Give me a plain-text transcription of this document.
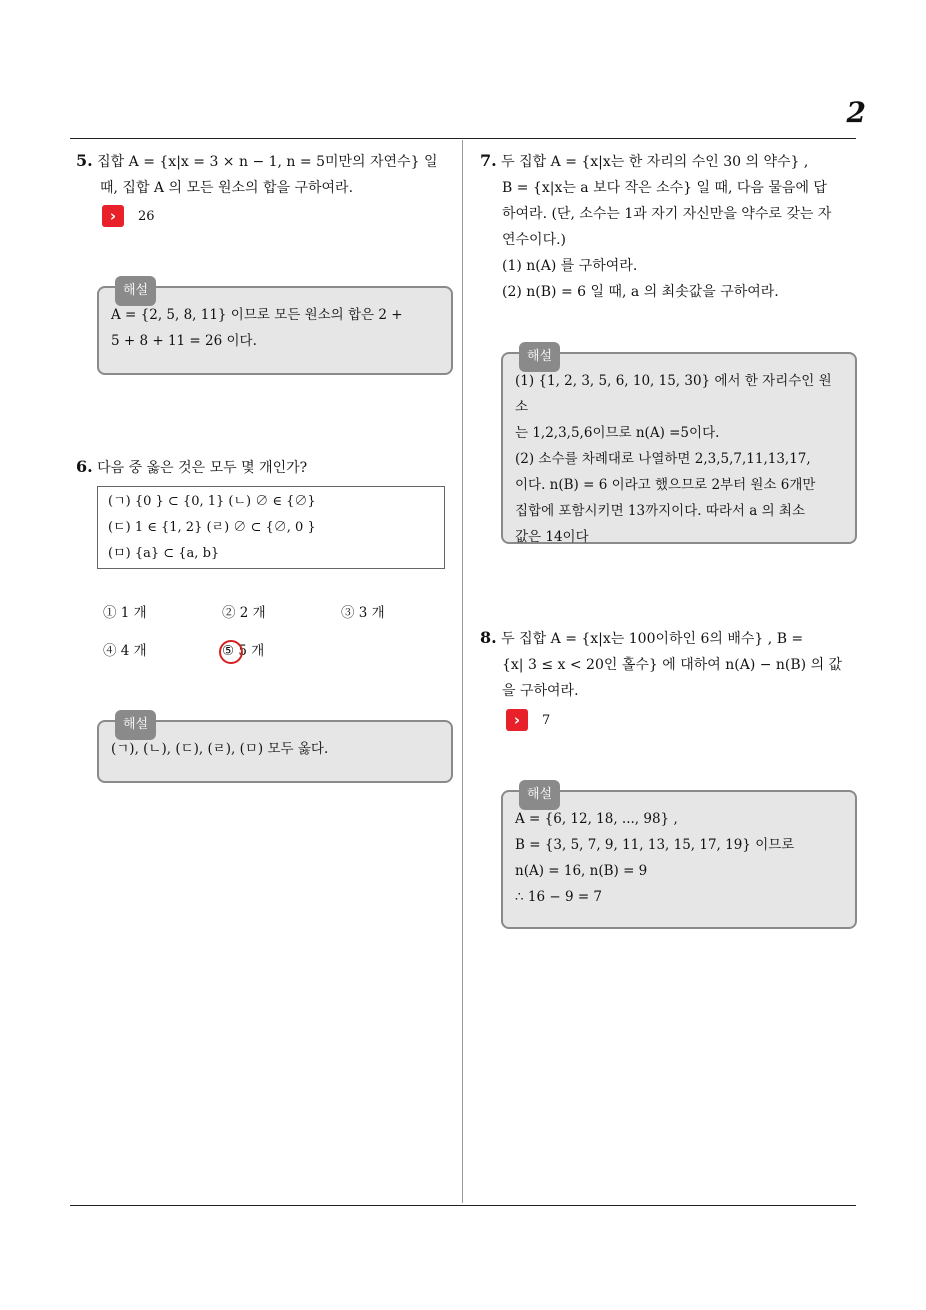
2
5. 집합 A = {x|x = 3 × n − 1, n = 5미만의 자연수} 일
때, 집합 A 의 모든 원소의 합을 구하여라.
›	26
해설
A = {2, 5, 8, 11} 이므로 모든 원소의 합은 2 +
5 + 8 + 11 = 26 이다.
6. 다음 중 옳은 것은 모두 몇 개인가?
(ㄱ) {0 } ⊂ {0, 1} (ㄴ) ∅ ∈ {∅}
(ㄷ) 1 ∈ {1, 2} (ㄹ) ∅ ⊂ {∅, 0 }
(ㅁ) {a} ⊂ {a, b}
① 1 개	② 2 개	③ 3 개
④ 4 개	⑤ 5 개
해설
(ㄱ), (ㄴ), (ㄷ), (ㄹ), (ㅁ) 모두 옳다.
7. 두 집합 A = {x|x는 한 자리의 수인 30 의 약수} ,
B = {x|x는 a 보다 작은 소수} 일 때, 다음 물음에 답
하여라. (단, 소수는 1과 자기 자신만을 약수로 갖는 자
연수이다.)
(1) n(A) 를 구하여라.
(2) n(B) = 6 일 때, a 의 최솟값을 구하여라.
해설
(1) {1, 2, 3, 5, 6, 10, 15, 30} 에서 한 자리수인 원소
는 1,2,3,5,6이므로 n(A) =5이다.
(2) 소수를 차례대로 나열하면 2,3,5,7,11,13,17,
이다. n(B) = 6 이라고 했으므로 2부터 원소 6개만
집합에 포함시키면 13까지이다. 따라서 a 의 최소
값은 14이다
8. 두 집합 A = {x|x는 100이하인 6의 배수} , B =
{x| 3 ≤ x < 20인 홀수} 에 대하여 n(A) − n(B) 의 값
을 구하여라.
›	7
해설
A = {6, 12, 18, ..., 98} ,
B = {3, 5, 7, 9, 11, 13, 15, 17, 19} 이므로
n(A) = 16, n(B) = 9
∴ 16 − 9 = 7
